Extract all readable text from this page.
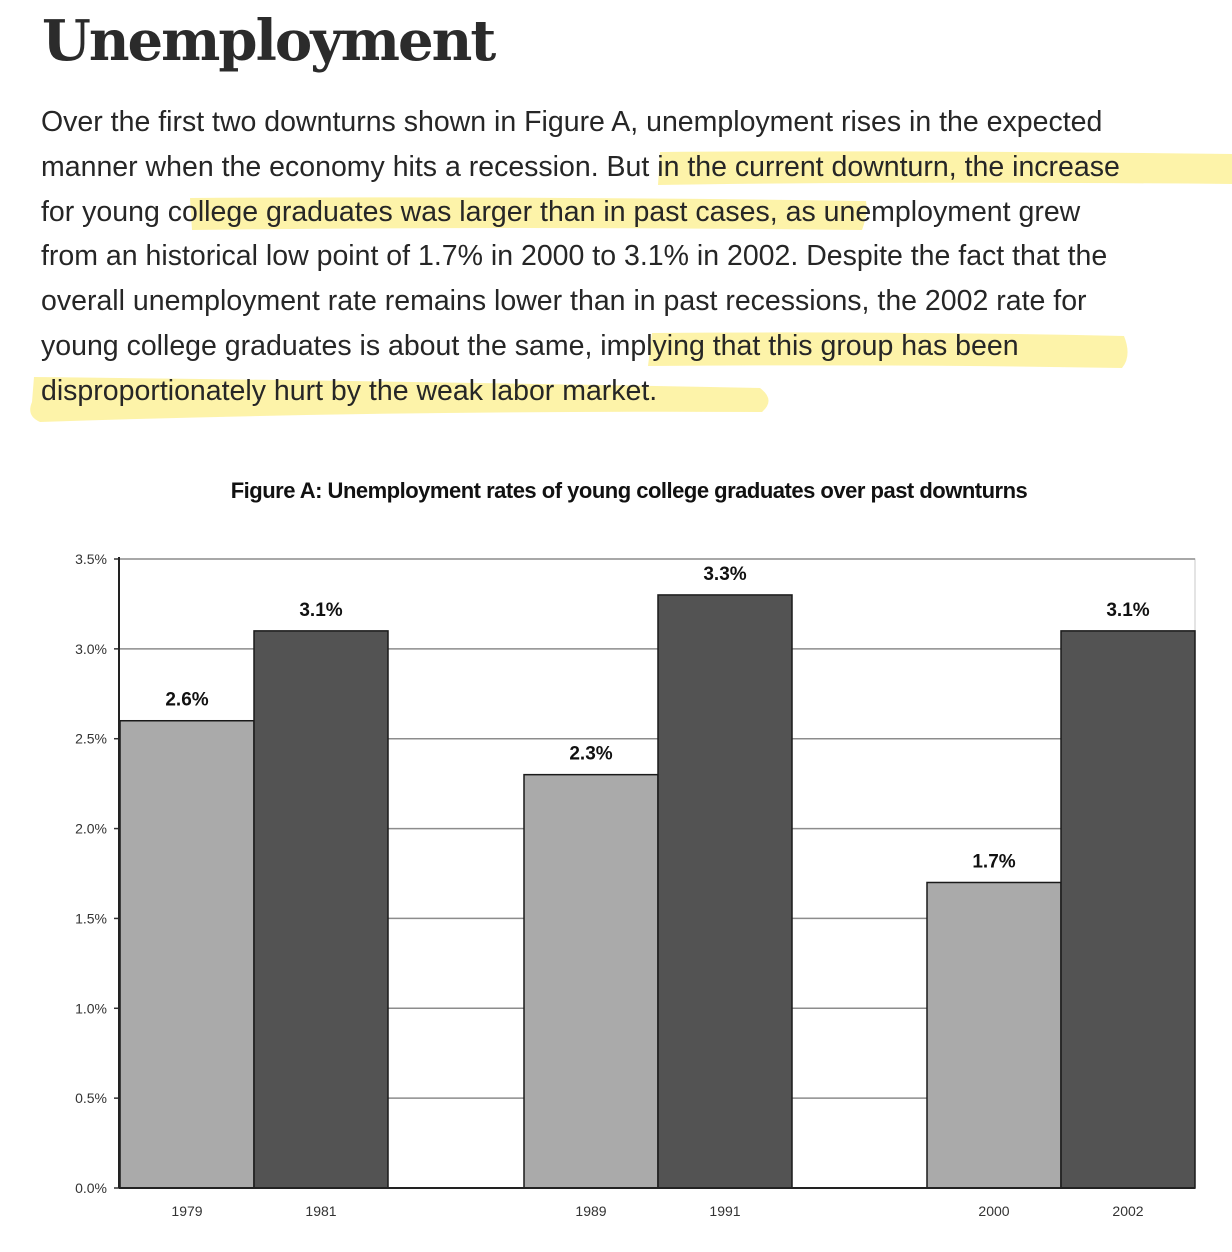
Unemployment
Over the first two downturns shown in Figure A, unemployment rises in the expected
manner when the economy hits a recession. But in the current downturn, the increase
for young college graduates was larger than in past cases, as unemployment grew
from an historical low point of 1.7% in 2000 to 3.1% in 2002. Despite the fact that the
overall unemployment rate remains lower than in past recessions, the 2002 rate for
young college graduates is about the same, implying that this group has been
disproportionately hurt by the weak labor market.
Figure A: Unemployment rates of young college graduates over past downturns
0.0%
0.5%
1.0%
1.5%
2.0%
2.5%
3.0%
3.5%
1979	1981	1989	1991	2000	2002
2.6%
3.1%
2.3%
3.3%
1.7%
3.1%
